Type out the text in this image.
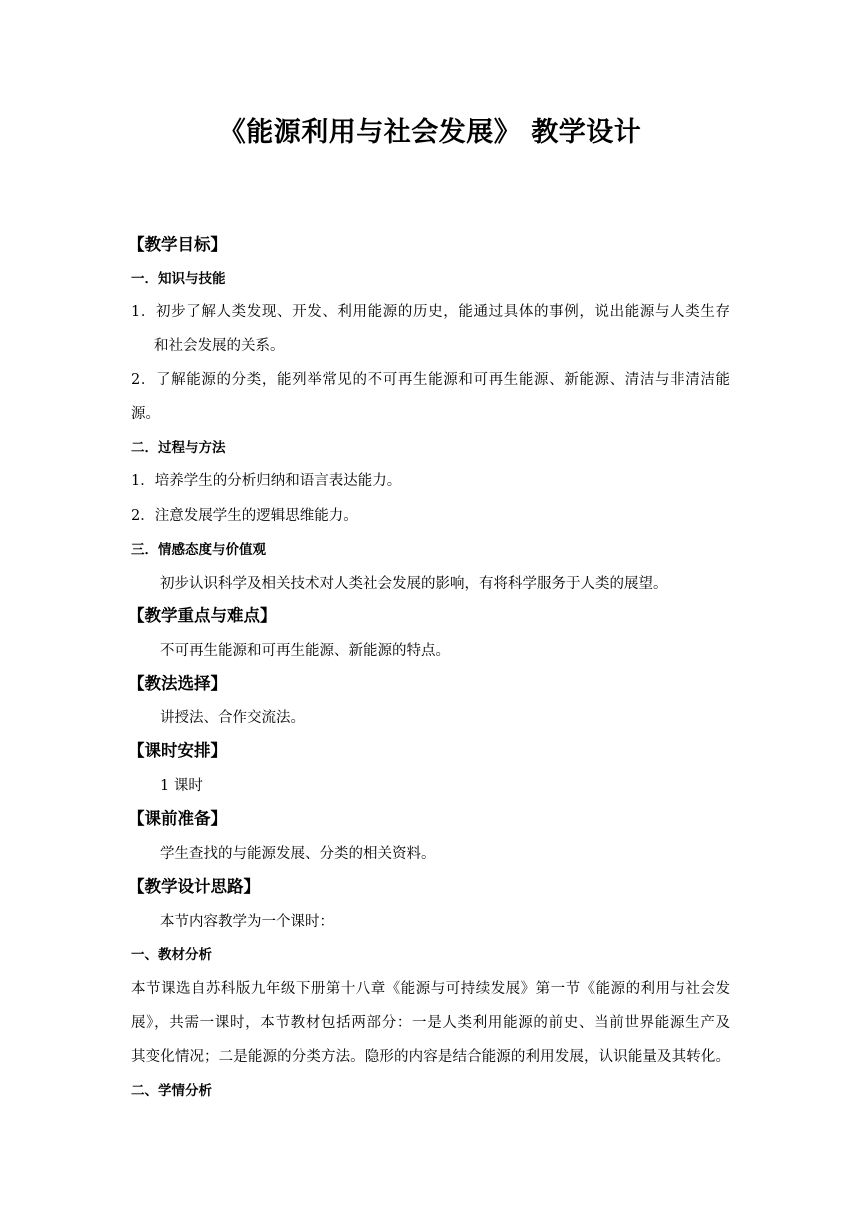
《能源利用与社会发展》 教学设计
【教学目标】
一．知识与技能
1．初步了解人类发现、开发、利用能源的历史，能通过具体的事例，说出能源与人类生存
和社会发展的关系。
2．了解能源的分类，能列举常见的不可再生能源和可再生能源、新能源、清洁与非清洁能
源。
二．过程与方法
1．培养学生的分析归纳和语言表达能力。
2．注意发展学生的逻辑思维能力。
三．情感态度与价值观
初步认识科学及相关技术对人类社会发展的影响，有将科学服务于人类的展望。
【教学重点与难点】
不可再生能源和可再生能源、新能源的特点。
【教法选择】
讲授法、合作交流法。
【课时安排】
1 课时
【课前准备】
学生查找的与能源发展、分类的相关资料。
【教学设计思路】
本节内容教学为一个课时：
一、教材分析
本节课选自苏科版九年级下册第十八章《能源与可持续发展》第一节《能源的利用与社会发
展》，共需一课时，本节教材包括两部分：一是人类利用能源的前史、当前世界能源生产及
其变化情况；二是能源的分类方法。隐形的内容是结合能源的利用发展，认识能量及其转化。
二、学情分析
